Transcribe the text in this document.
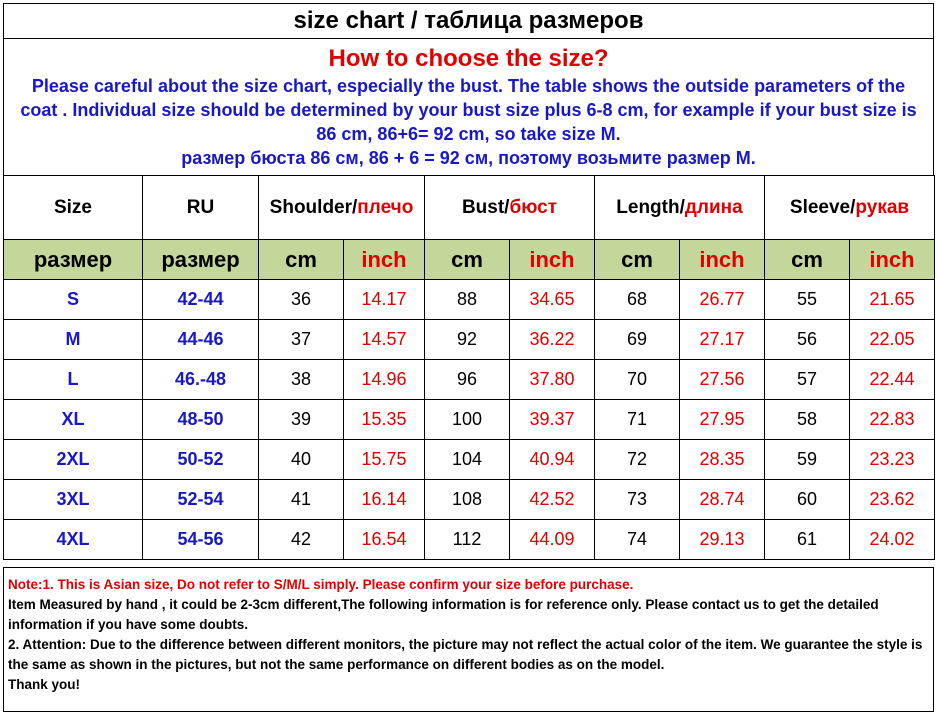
size chart / таблица размеров
How to choose the size?
Please careful about the size chart, especially the bust. The table shows the outside parameters of the coat . Individual size should be determined by your bust size plus 6-8 cm, for example if your bust size is 86 cm, 86+6= 92 cm, so take size M.
размер бюста 86 см, 86 + 6 = 92 см, поэтому возьмите размер M.
Size	RU	Shoulder/плечо		Bust/бюст		Length/длина		Sleeve/рукав	
размер	размер	cm	inch	cm	inch	cm	inch	cm	inch
S	42-44	36	14.17	88	34.65	68	26.77	55	21.65
M	44-46	37	14.57	92	36.22	69	27.17	56	22.05
L	46.-48	38	14.96	96	37.80	70	27.56	57	22.44
XL	48-50	39	15.35	100	39.37	71	27.95	58	22.83
2XL	50-52	40	15.75	104	40.94	72	28.35	59	23.23
3XL	52-54	41	16.14	108	42.52	73	28.74	60	23.62
4XL	54-56	42	16.54	112	44.09	74	29.13	61	24.02
Note:1. This is Asian size, Do not refer to S/M/L simply. Please confirm your size before purchase.
Item Measured by hand , it could be 2-3cm different,The following information is for reference only. Please contact us to get the detailed information if you have some doubts.
2. Attention: Due to the difference between different monitors, the picture may not reflect the actual color of the item. We guarantee the style is the same as shown in the pictures, but not the same performance on different bodies as on the model.
Thank you!
